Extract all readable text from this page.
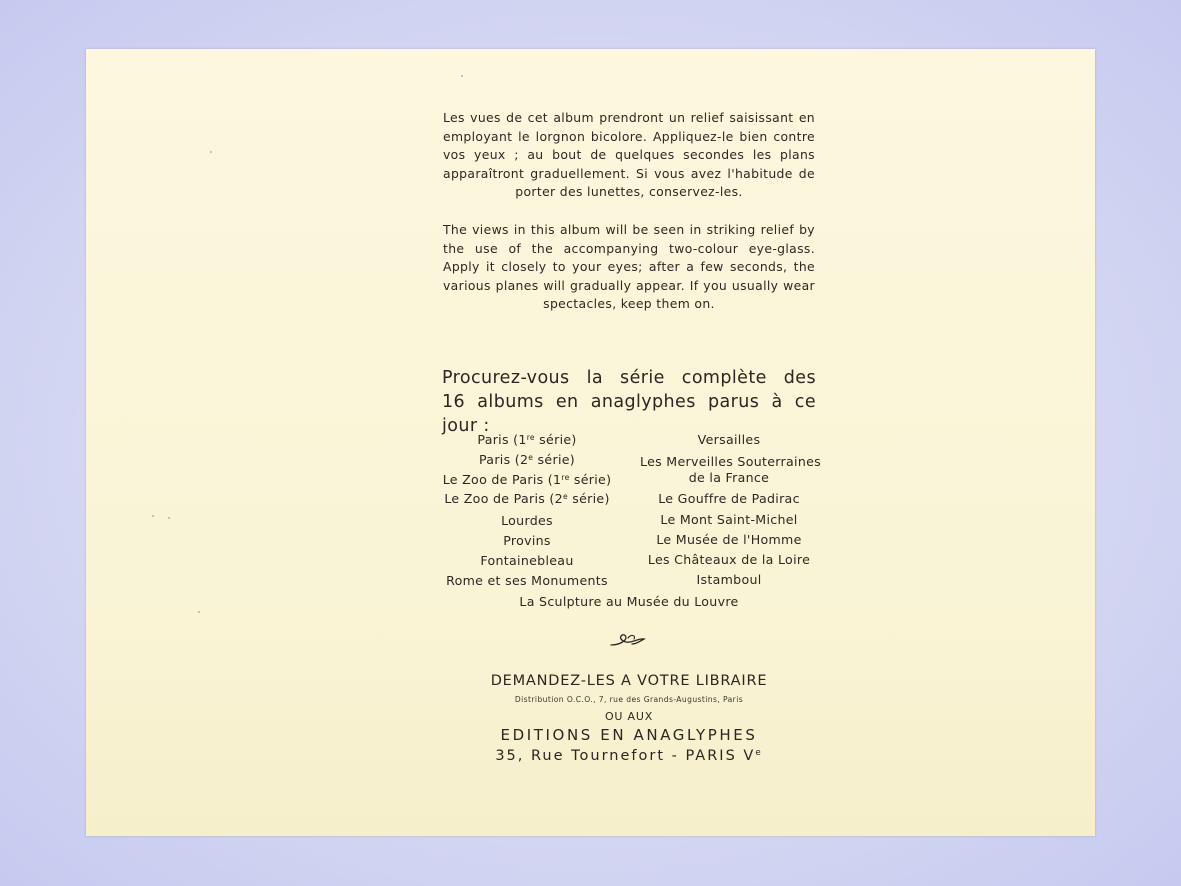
Les vues de cet album prendront un relief saisissant en employant le lorgnon bicolore. Appliquez-le bien contre vos yeux ; au bout de quelques secondes les plans apparaîtront graduellement. Si vous avez l'habitude de porter des lunettes, conservez-les.

The views in this album will be seen in striking relief by the use of the accompanying two-colour eye-glass. Apply it closely to your eyes; after a few seconds, the various planes will gradually appear. If you usually wear spectacles, keep them on.

Procurez-vous la série complète des
16 albums en anaglyphes parus à ce jour :
Paris (1re série)
Paris (2e série)
Le Zoo de Paris (1re série)
Le Zoo de Paris (2e série)
Lourdes
Provins
Fontainebleau
Rome et ses Monuments
Versailles
Les Merveilles Souterraines
de la France
Le Gouffre de Padirac
Le Mont Saint-Michel
Le Musée de l'Homme
Les Châteaux de la Loire
Istamboul
La Sculpture au Musée du Louvre
DEMANDEZ-LES A VOTRE LIBRAIRE
Distribution O.C.O., 7, rue des Grands-Augustins, Paris
OU AUX
EDITIONS EN ANAGLYPHES
35, Rue Tournefort - PARIS Ve
